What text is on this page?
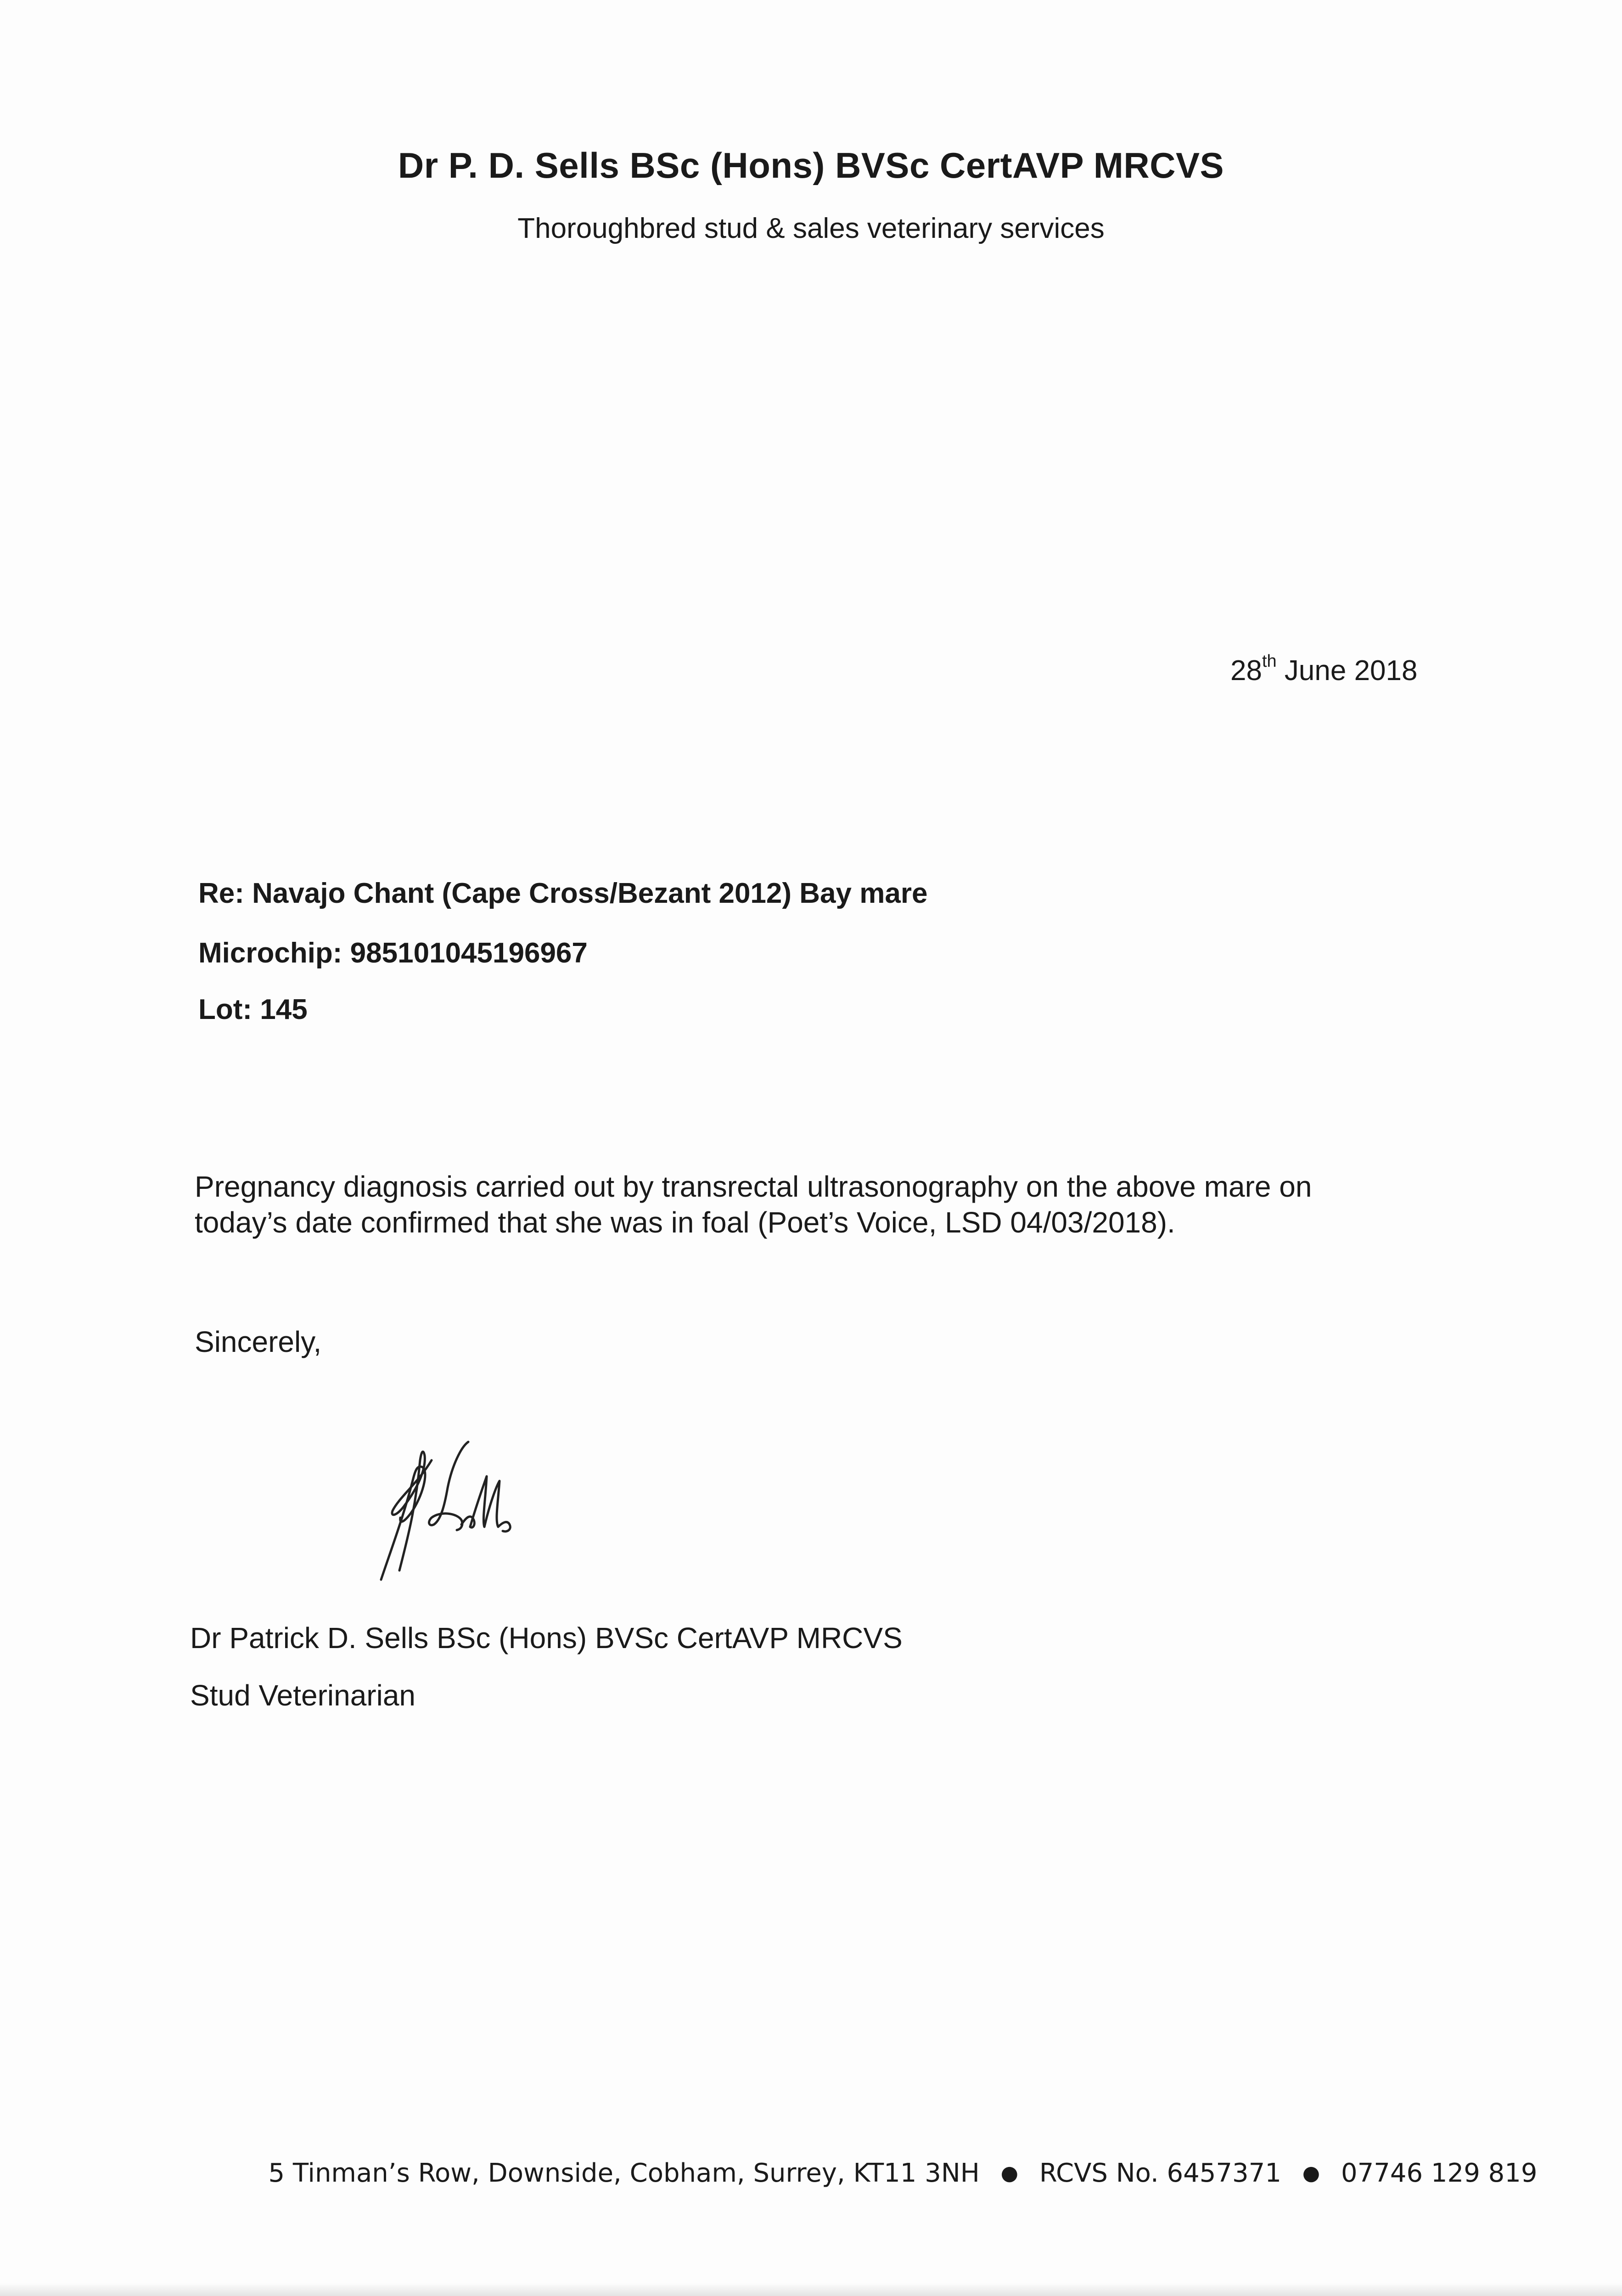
Dr P. D. Sells BSc (Hons) BVSc CertAVP MRCVS
Thoroughbred stud & sales veterinary services
28th June 2018
Re: Navajo Chant (Cape Cross/Bezant 2012) Bay mare
Microchip: 985101045196967
Lot: 145
Pregnancy diagnosis carried out by transrectal ultrasonography on the above mare on today’s date confirmed that she was in foal (Poet’s Voice, LSD 04/03/2018).
Sincerely,
Dr Patrick D. Sells BSc (Hons) BVSc CertAVP MRCVS
Stud Veterinarian
5 Tinman’s Row, Downside, Cobham, Surrey, KT11 3NH ● RCVS No. 6457371 ● 07746 129 819
